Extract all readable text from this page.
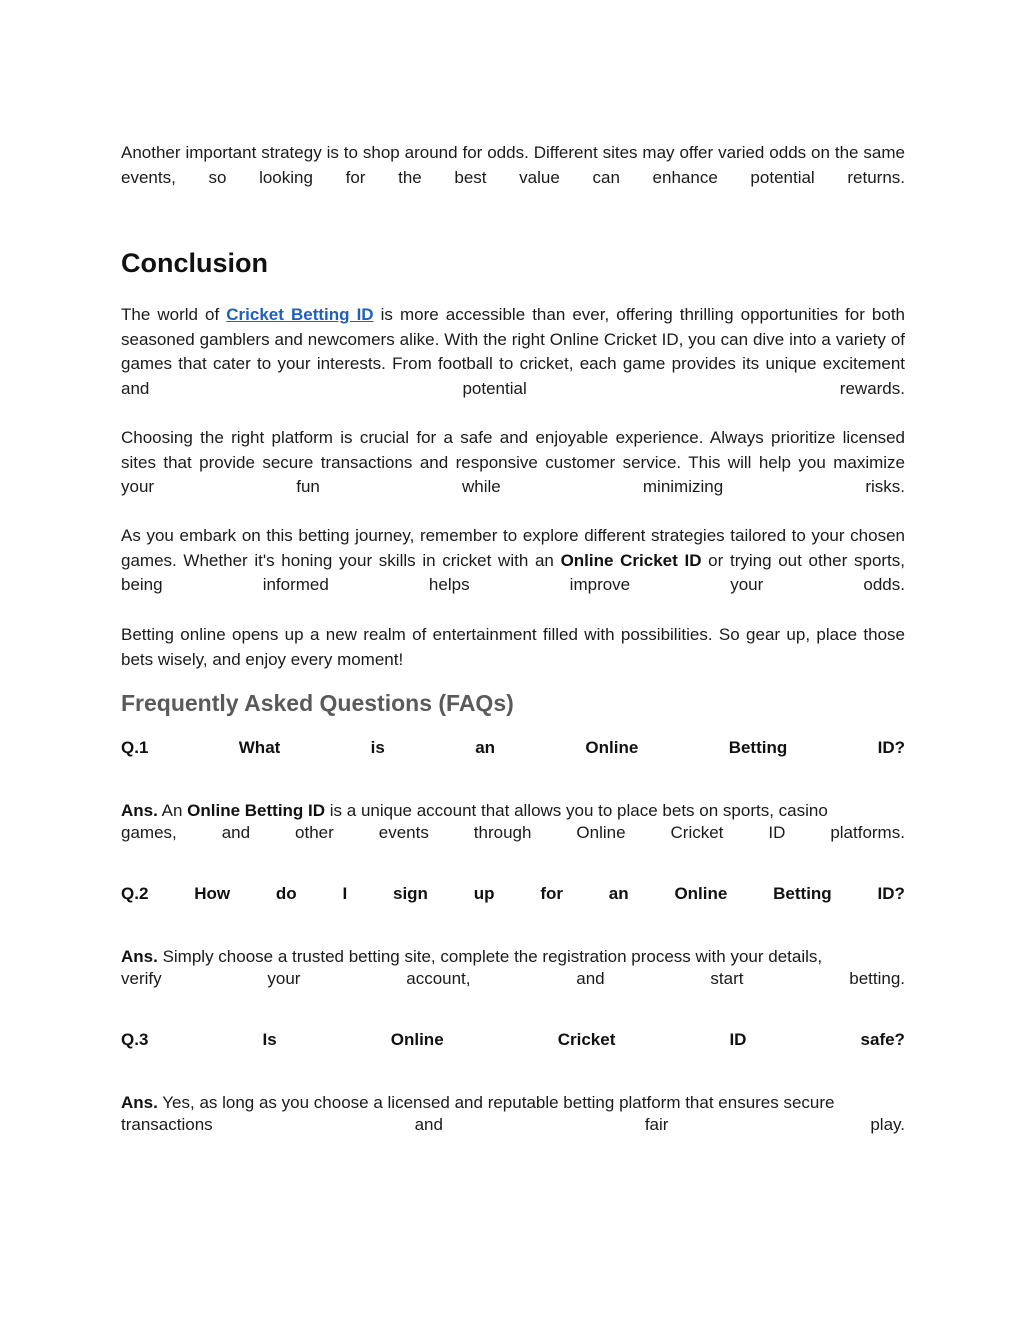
Another important strategy is to shop around for odds. Different sites may offer varied odds on the same events, so looking for the best value can enhance potential returns.

Conclusion

The world of Cricket Betting ID is more accessible than ever, offering thrilling opportunities for both seasoned gamblers and newcomers alike. With the right Online Cricket ID, you can dive into a variety of games that cater to your interests. From football to cricket, each game provides its unique excitement and potential rewards.

Choosing the right platform is crucial for a safe and enjoyable experience. Always prioritize licensed sites that provide secure transactions and responsive customer service. This will help you maximize your fun while minimizing risks.

As you embark on this betting journey, remember to explore different strategies tailored to your chosen games. Whether it's honing your skills in cricket with an Online Cricket ID or trying out other sports, being informed helps improve your odds.

Betting online opens up a new realm of entertainment filled with possibilities. So gear up, place those bets wisely, and enjoy every moment!

Frequently Asked Questions (FAQs)
Q.1	What	is	an	Online	Betting	ID?
Ans. An Online Betting ID is a unique account that allows you to place bets on sports, casino
games,	and	other	events	through	Online	Cricket	ID	platforms.
Q.2	How	do	I	sign	up	for	an	Online	Betting	ID?
Ans. Simply choose a trusted betting site, complete the registration process with your details,
verify	your	account,	and	start	betting.
Q.3	Is	Online	Cricket	ID	safe?
Ans. Yes, as long as you choose a licensed and reputable betting platform that ensures secure
transactions	and	fair	play.
